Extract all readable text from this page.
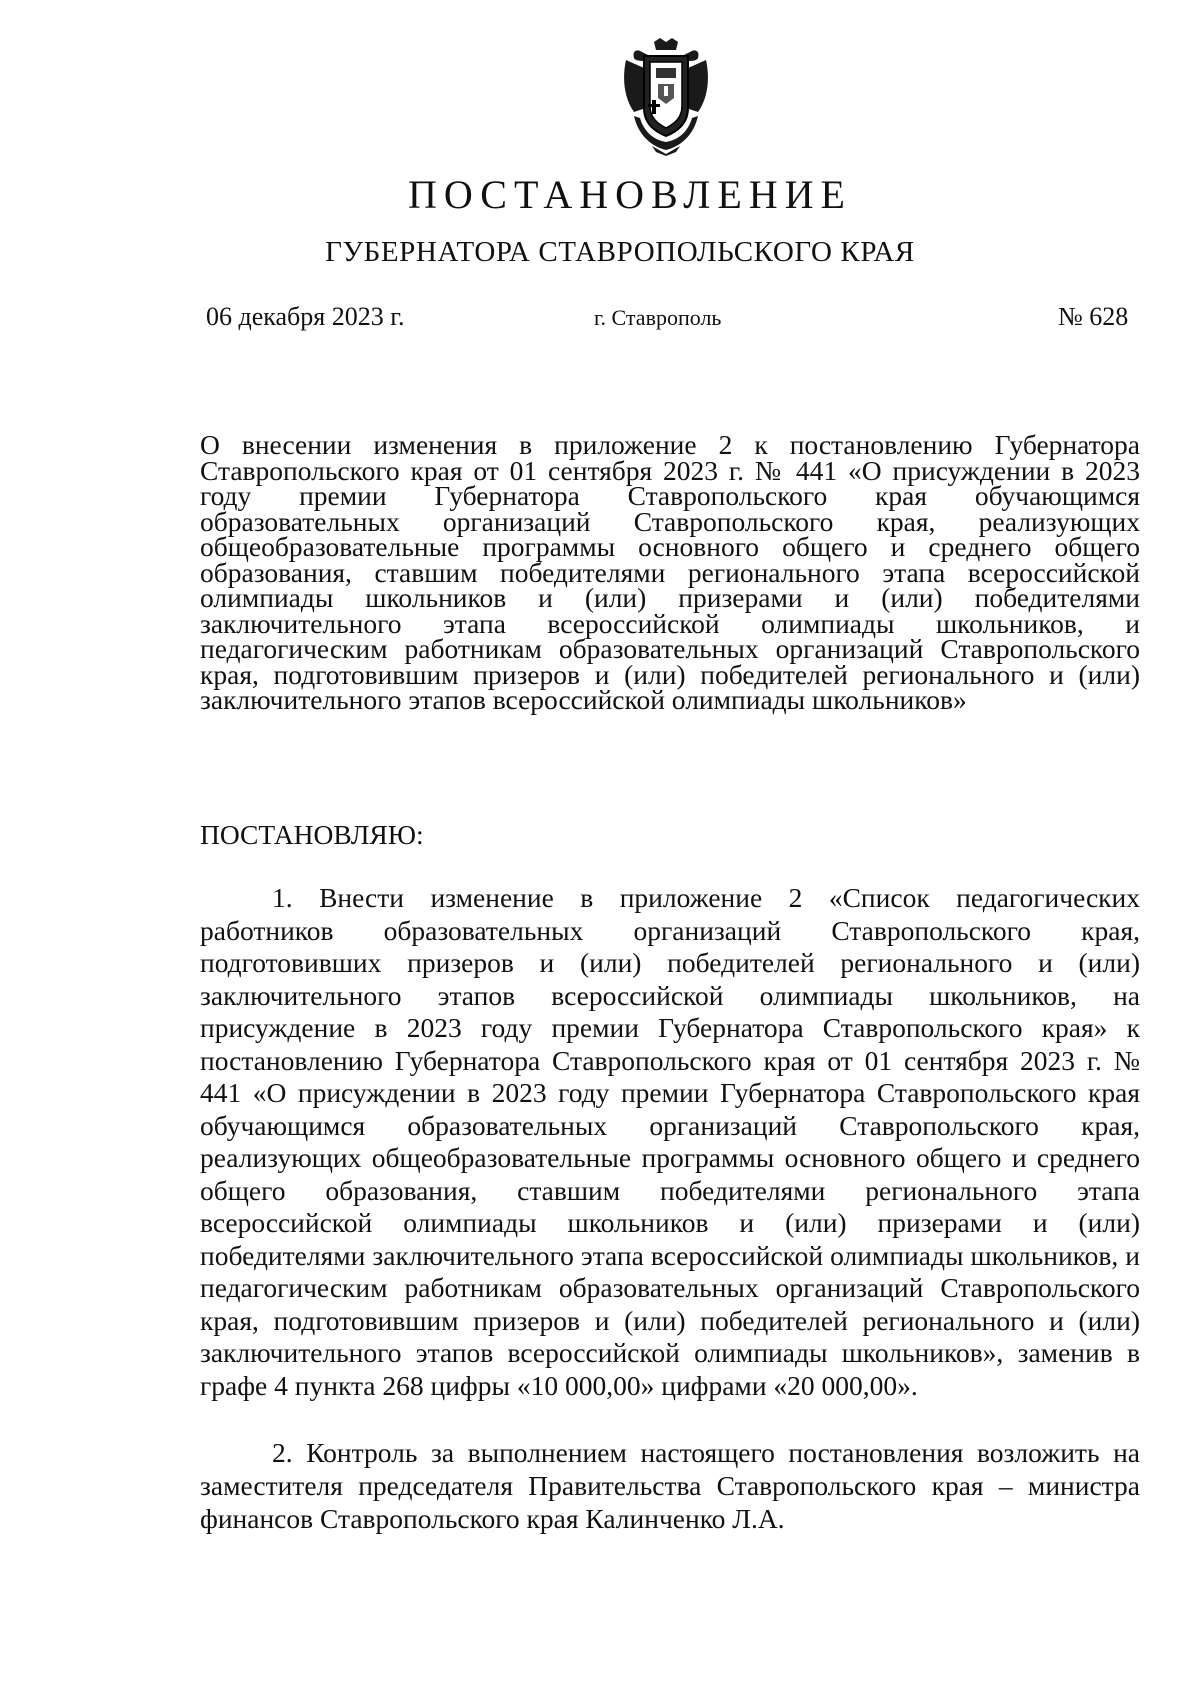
ПОСТАНОВЛЕНИЕ
ГУБЕРНАТОРА СТАВРОПОЛЬСКОГО КРАЯ
06 декабря 2023 г.	г. Ставрополь	№ 628
О внесении изменения в приложение 2 к постановлению Губернатора Ставропольского края от 01 сентября 2023 г. № 441 «О присуждении в 2023 году премии Губернатора Ставропольского края обучающимся образовательных организаций Ставропольского края, реализующих общеобразовательные программы основного общего и среднего общего образования, ставшим победителями регионального этапа всероссийской олимпиады школьников и (или) призерами и (или) победителями заключительного этапа всероссийской олимпиады школьников, и педагогическим работникам образовательных организаций Ставропольского края, подготовившим призеров и (или) победителей регионального и (или) заключительного этапов всероссийской олимпиады школьников»
ПОСТАНОВЛЯЮ:

1. Внести изменение в приложение 2 «Список педагогических работников образовательных организаций Ставропольского края, подготовивших призеров и (или) победителей регионального и (или) заключительного этапов всероссийской олимпиады школьников, на присуждение в 2023 году премии Губернатора Ставропольского края» к постановлению Губернатора Ставропольского края от 01 сентября 2023 г. № 441 «О присуждении в 2023 году премии Губернатора Ставропольского края обучающимся образовательных организаций Ставропольского края, реализующих общеобразовательные программы основного общего и среднего общего образования, ставшим победителями регионального этапа всероссийской олимпиады школьников и (или) призерами и (или) победителями заключительного этапа всероссийской олимпиады школьников, и педагогическим работникам образовательных организаций Ставропольского края, подготовившим призеров и (или) победителей регионального и (или) заключительного этапов всероссийской олимпиады школьников», заменив в графе 4 пункта 268 цифры «10 000,00» цифрами «20 000,00».

2. Контроль за выполнением настоящего постановления возложить на заместителя председателя Правительства Ставропольского края – министра финансов Ставропольского края Калинченко Л.А.
